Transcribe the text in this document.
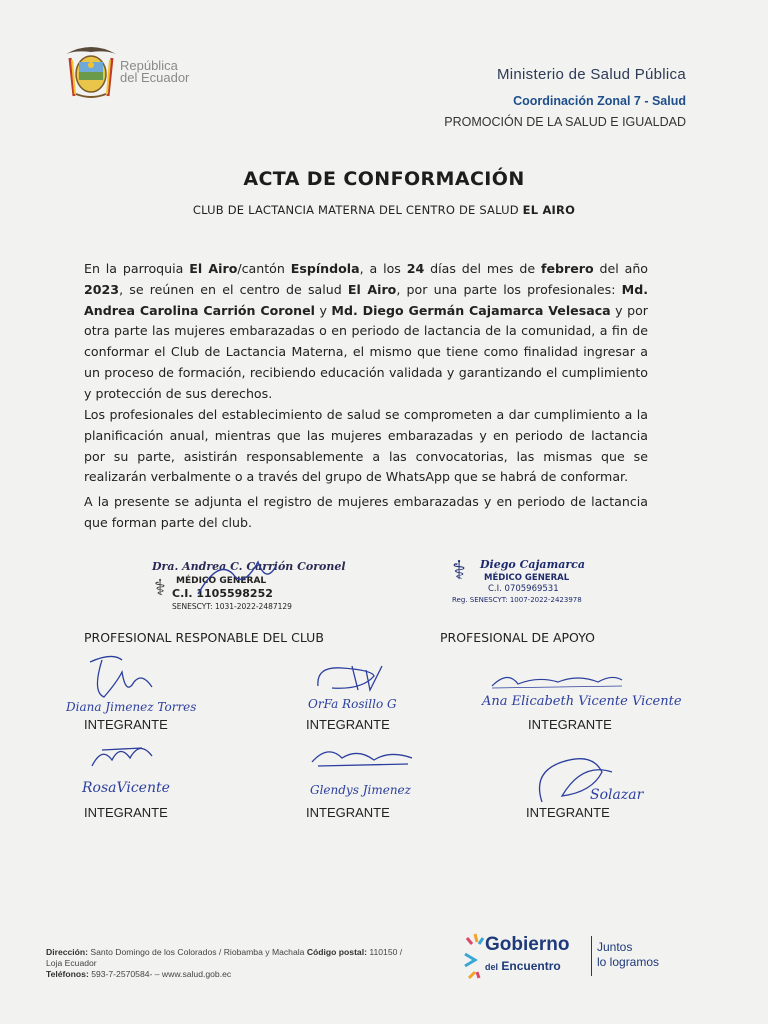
República
del Ecuador	Ministerio de Salud Pública
Coordinación Zonal 7 - Salud
PROMOCIÓN DE LA SALUD E IGUALDAD
ACTA DE CONFORMACIÓN
CLUB DE LACTANCIA MATERNA DEL CENTRO DE SALUD EL AIRO
En la parroquia El Airo/cantón Espíndola, a los 24 días del mes de febrero del año 2023, se reúnen en el centro de salud El Airo, por una parte los profesionales: Md. Andrea Carolina Carrión Coronel y Md. Diego Germán Cajamarca Velesaca y por otra parte las mujeres embarazadas o en periodo de lactancia de la comunidad, a fin de conformar el Club de Lactancia Materna, el mismo que tiene como finalidad ingresar a un proceso de formación, recibiendo educación validada y garantizando el cumplimiento y protección de sus derechos.
Los profesionales del establecimiento de salud se comprometen a dar cumplimiento a la planificación anual, mientras que las mujeres embarazadas y en periodo de lactancia por su parte, asistirán responsablemente a las convocatorias, las mismas que se realizarán verbalmente o a través del grupo de WhatsApp que se habrá de conformar.
A la presente se adjunta el registro de mujeres embarazadas y en periodo de lactancia que forman parte del club.
⚕
Dra. Andrea C. Carrión Coronel
MÉDICO GENERAL
C.I. 1105598252
SENESCYT: 1031-2022-2487129
⚕ Diego Cajamarca
MÉDICO GENERAL
C.I. 0705969531
Reg. SENESCYT: 1007-2022-2423978
PROFESIONAL RESPONABLE DEL CLUB	PROFESIONAL DE APOYO
Diana Jimenez Torres
INTEGRANTE
OrFa Rosillo G
INTEGRANTE
Ana Elicabeth Vicente Vicente
INTEGRANTE
RosaVicente
INTEGRANTE
Glendys Jimenez
INTEGRANTE
Solazar
INTEGRANTE
Dirección: Santo Domingo de los Colorados / Riobamba y Machala Código postal: 110150 /
Loja Ecuador
Teléfonos: 593-7-2570584- – www.salud.gob.ec
Gobierno
del Encuentro
Juntos
lo logramos
